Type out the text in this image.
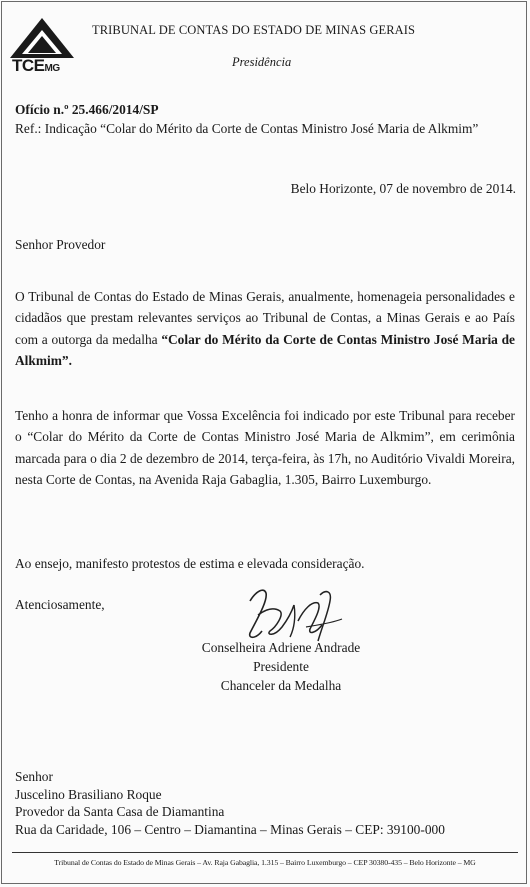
TCEMG
TRIBUNAL DE CONTAS DO ESTADO DE MINAS GERAIS
Presidência
Ofício n.º 25.466/2014/SP
Ref.: Indicação “Colar do Mérito da Corte de Contas Ministro José Maria de Alkmim”
Belo Horizonte, 07 de novembro de 2014.
Senhor Provedor
O Tribunal de Contas do Estado de Minas Gerais, anualmente, homenageia personalidades e cidadãos que prestam relevantes serviços ao Tribunal de Contas, a Minas Gerais e ao País com a outorga da medalha “Colar do Mérito da Corte de Contas Ministro José Maria de Alkmim”.
Tenho a honra de informar que Vossa Excelência foi indicado por este Tribunal para receber o “Colar do Mérito da Corte de Contas Ministro José Maria de Alkmim”, em cerimônia marcada para o dia 2 de dezembro de 2014, terça-feira, às 17h, no Auditório Vivaldi Moreira, nesta Corte de Contas, na Avenida Raja Gabaglia, 1.305, Bairro Luxemburgo.
Ao ensejo, manifesto protestos de estima e elevada consideração.
Atenciosamente,
Conselheira Adriene Andrade
Presidente
Chanceler da Medalha
Senhor
Juscelino Brasiliano Roque
Provedor da Santa Casa de Diamantina
Rua da Caridade, 106 – Centro – Diamantina – Minas Gerais – CEP: 39100-000
Tribunal de Contas do Estado de Minas Gerais – Av. Raja Gabaglia, 1.315 – Bairro Luxemburgo – CEP 30380-435 – Belo Horizonte – MG
